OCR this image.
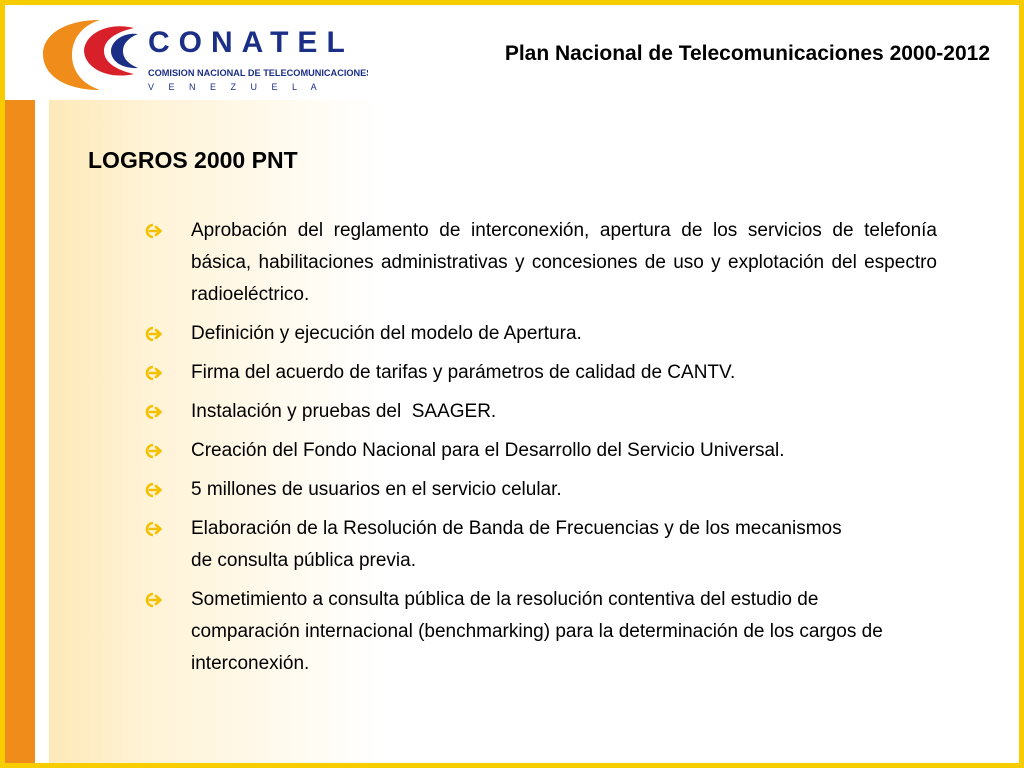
CONATEL
COMISION NACIONAL DE TELECOMUNICACIONES
V E N E Z U E L A
Plan Nacional de Telecomunicaciones 2000-2012
LOGROS 2000 PNT
Aprobación del reglamento de interconexión, apertura de los servicios de telefonía básica, habilitaciones administrativas y concesiones de uso y explotación del espectro radioeléctrico.
Definición y ejecución del modelo de Apertura.
Firma del acuerdo de tarifas y parámetros de calidad de CANTV.
Instalación y pruebas del  SAAGER.
Creación del Fondo Nacional para el Desarrollo del Servicio Universal.
5 millones de usuarios en el servicio celular.
Elaboración de la Resolución de Banda de Frecuencias y de los mecanismos de consulta pública previa.
Sometimiento a consulta pública de la resolución contentiva del estudio de comparación internacional (benchmarking) para la determinación de los cargos de interconexión.
